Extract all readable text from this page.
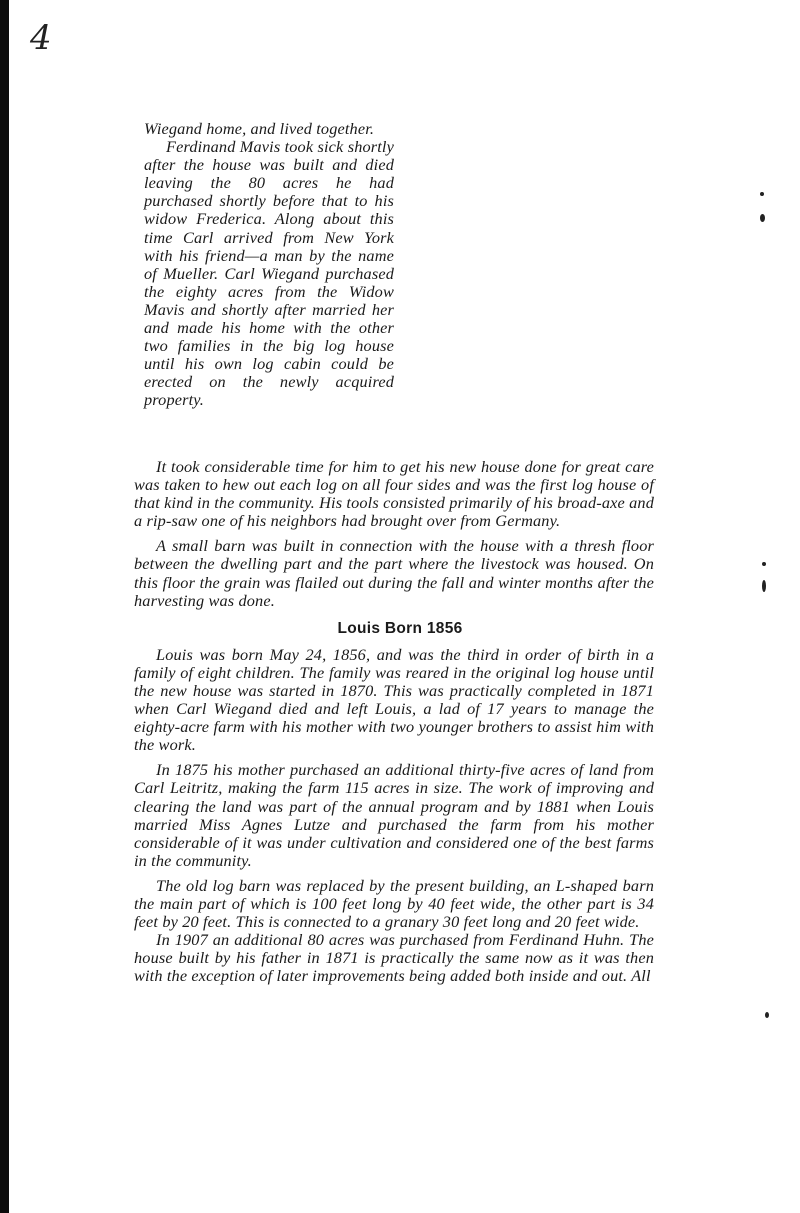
4

Wiegand home, and lived together.

Ferdinand Mavis took sick shortly after the house was built and died leaving the 80 acres he had purchased shortly before that to his widow Frederica. Along about this time Carl arrived from New York with his friend—a man by the name of Mueller. Carl Wiegand purchased the eighty acres from the Widow Mavis and shortly after married her and made his home with the other two families in the big log house until his own log cabin could be erected on the newly acquired property.

It took considerable time for him to get his new house done for great care was taken to hew out each log on all four sides and was the first log house of that kind in the community. His tools consisted primarily of his broad-axe and a rip-saw one of his neighbors had brought over from Germany.

A small barn was built in connection with the house with a thresh floor between the dwelling part and the part where the livestock was housed. On this floor the grain was flailed out during the fall and winter months after the harvesting was done.

Louis Born 1856

Louis was born May 24, 1856, and was the third in order of birth in a family of eight children. The family was reared in the original log house until the new house was started in 1870. This was practically completed in 1871 when Carl Wiegand died and left Louis, a lad of 17 years to manage the eighty-acre farm with his mother with two younger brothers to assist him with the work.

In 1875 his mother purchased an additional thirty-five acres of land from Carl Leitritz, making the farm 115 acres in size. The work of improving and clearing the land was part of the annual program and by 1881 when Louis married Miss Agnes Lutze and purchased the farm from his mother considerable of it was under cultivation and considered one of the best farms in the community.

The old log barn was replaced by the present building, an L-shaped barn the main part of which is 100 feet long by 40 feet wide, the other part is 34 feet by 20 feet. This is connected to a granary 30 feet long and 20 feet wide.

In 1907 an additional 80 acres was purchased from Ferdinand Huhn. The house built by his father in 1871 is practically the same now as it was then with the exception of later improvements being added both inside and out. All
